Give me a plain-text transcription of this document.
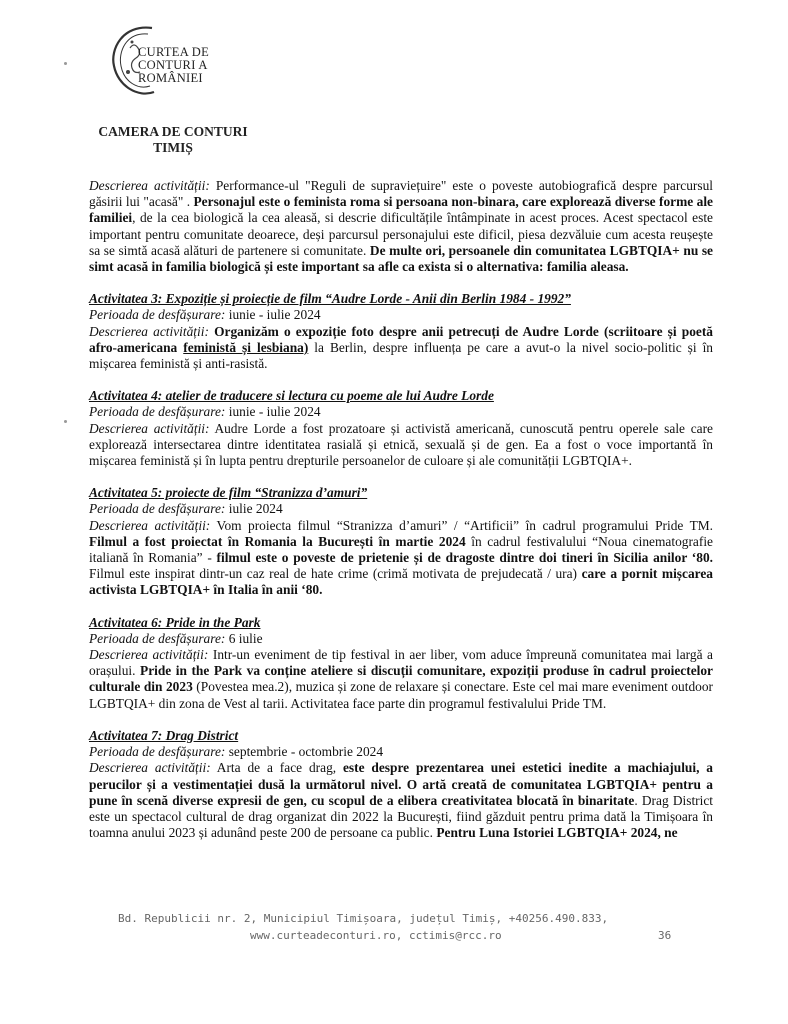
CURTEA DE
CONTURI A
ROMÂNIEI
CAMERA DE CONTURI
TIMIȘ

Descrierea activității: Performance-ul "Reguli de supraviețuire" este o poveste autobiografică despre parcursul găsirii lui "acasă" . Personajul este o feminista roma si persoana non-binara, care explorează diverse forme ale familiei, de la cea biologică la cea aleasă, si descrie dificultățile întâmpinate in acest proces. Acest spectacol este important pentru comunitate deoarece, deși parcursul personajului este dificil, piesa dezvăluie cum acesta reușește sa se simtă acasă alături de partenere si comunitate. De multe ori, persoanele din comunitatea LGBTQIA+ nu se simt acasă in familia biologică și este important sa afle ca exista si o alternativa: familia aleasa.

Activitatea 3: Expoziție și proiecție de film “Audre Lorde - Anii din Berlin 1984 - 1992”

Perioada de desfășurare: iunie - iulie 2024

Descrierea activității: Organizăm o expoziție foto despre anii petrecuți de Audre Lorde (scriitoare și poetă afro-americana feministă și lesbiana) la Berlin, despre influența pe care a avut-o la nivel socio-politic și în mișcarea feministă și anti-rasistă.

Activitatea 4: atelier de traducere si lectura cu poeme ale lui Audre Lorde

Perioada de desfășurare: iunie - iulie 2024

Descrierea activității: Audre Lorde a fost prozatoare și activistă americană, cunoscută pentru operele sale care explorează intersectarea dintre identitatea rasială și etnică, sexuală și de gen. Ea a fost o voce importantă în mișcarea feministă și în lupta pentru drepturile persoanelor de culoare și ale comunității LGBTQIA+.

Activitatea 5: proiecte de film “Stranizza d’amuri”

Perioada de desfășurare: iulie 2024

Descrierea activității: Vom proiecta filmul “Stranizza d’amuri” / “Artificii” în cadrul programului Pride TM. Filmul a fost proiectat în Romania la București în martie 2024 în cadrul festivalului “Noua cinematografie italiană în Romania” - filmul este o poveste de prietenie și de dragoste dintre doi tineri în Sicilia anilor ‘80. Filmul este inspirat dintr-un caz real de hate crime (crimă motivata de prejudecată / ura) care a pornit mișcarea activista LGBTQIA+ în Italia în anii ‘80.

Activitatea 6: Pride in the Park

Perioada de desfășurare: 6 iulie

Descrierea activității: Intr-un eveniment de tip festival in aer liber, vom aduce împreună comunitatea mai largă a orașului. Pride in the Park va conține ateliere si discuții comunitare, expoziții produse în cadrul proiectelor culturale din 2023 (Povestea mea.2), muzica și zone de relaxare și conectare. Este cel mai mare eveniment outdoor LGBTQIA+ din zona de Vest al tarii. Activitatea face parte din programul festivalului Pride TM.

Activitatea 7: Drag District

Perioada de desfășurare: septembrie - octombrie 2024

Descrierea activității: Arta de a face drag, este despre prezentarea unei estetici inedite a machiajului, a perucilor și a vestimentației dusă la următorul nivel. O artă creată de comunitatea LGBTQIA+ pentru a pune în scenă diverse expresii de gen, cu scopul de a elibera creativitatea blocată în binaritate. Drag District este un spectacol cultural de drag organizat din 2022 la București, fiind găzduit pentru prima dată la Timișoara în toamna anului 2023 și adunând peste 200 de persoane ca public. Pentru Luna Istoriei LGBTQIA+ 2024, ne

Bd. Republicii nr. 2, Municipiul Timișoara, județul Timiș, +40256.490.833,
www.curteadeconturi.ro, cctimis@rcc.ro	36
